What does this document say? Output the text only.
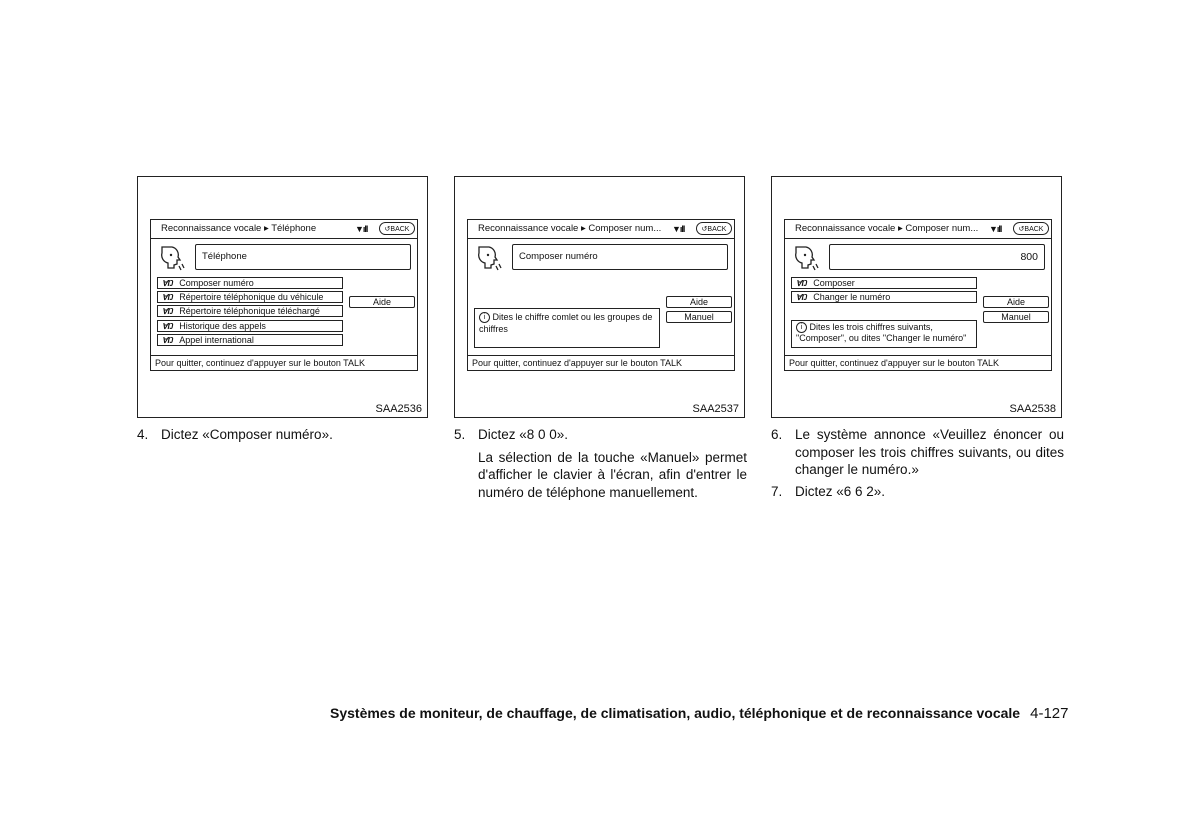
Reconnaissance vocale ▸ Téléphone	▼ıll	↺BACK
Téléphone
ⱯŊ Composer numéro
ⱯŊ Répertoire téléphonique du véhicule
ⱯŊ Répertoire téléphonique téléchargé
ⱯŊ Historique des appels
ⱯŊ Appel international
Aide
Pour quitter, continuez d'appuyer sur le bouton TALK
SAA2536
Reconnaissance vocale ▸ Composer num...	▼ıll	↺BACK
Composer numéro
Aide
Manuel
i Dites le chiffre comlet ou les groupes de chiffres
Pour quitter, continuez d'appuyer sur le bouton TALK
SAA2537
Reconnaissance vocale ▸ Composer num...	▼ıll	↺BACK
800
ⱯŊ Composer
ⱯŊ Changer le numéro	Aide
Manuel
i Dites les trois chiffres suivants, "Composer", ou dites "Changer le numéro"
Pour quitter, continuez d'appuyer sur le bouton TALK
SAA2538
4. Dictez «Composer numéro».	5. Dictez «8 0 0».

La sélection de la touche «Manuel» permet d'afficher le clavier à l'écran, afin d'entrer le numéro de téléphone manuellement.

6. Le système annonce «Veuillez énoncer ou composer les trois chiffres suivants, ou dites changer le numéro.»

7. Dictez «6 6 2».

Systèmes de moniteur, de chauffage, de climatisation, audio, téléphonique et de reconnaissance vocale 4-127
